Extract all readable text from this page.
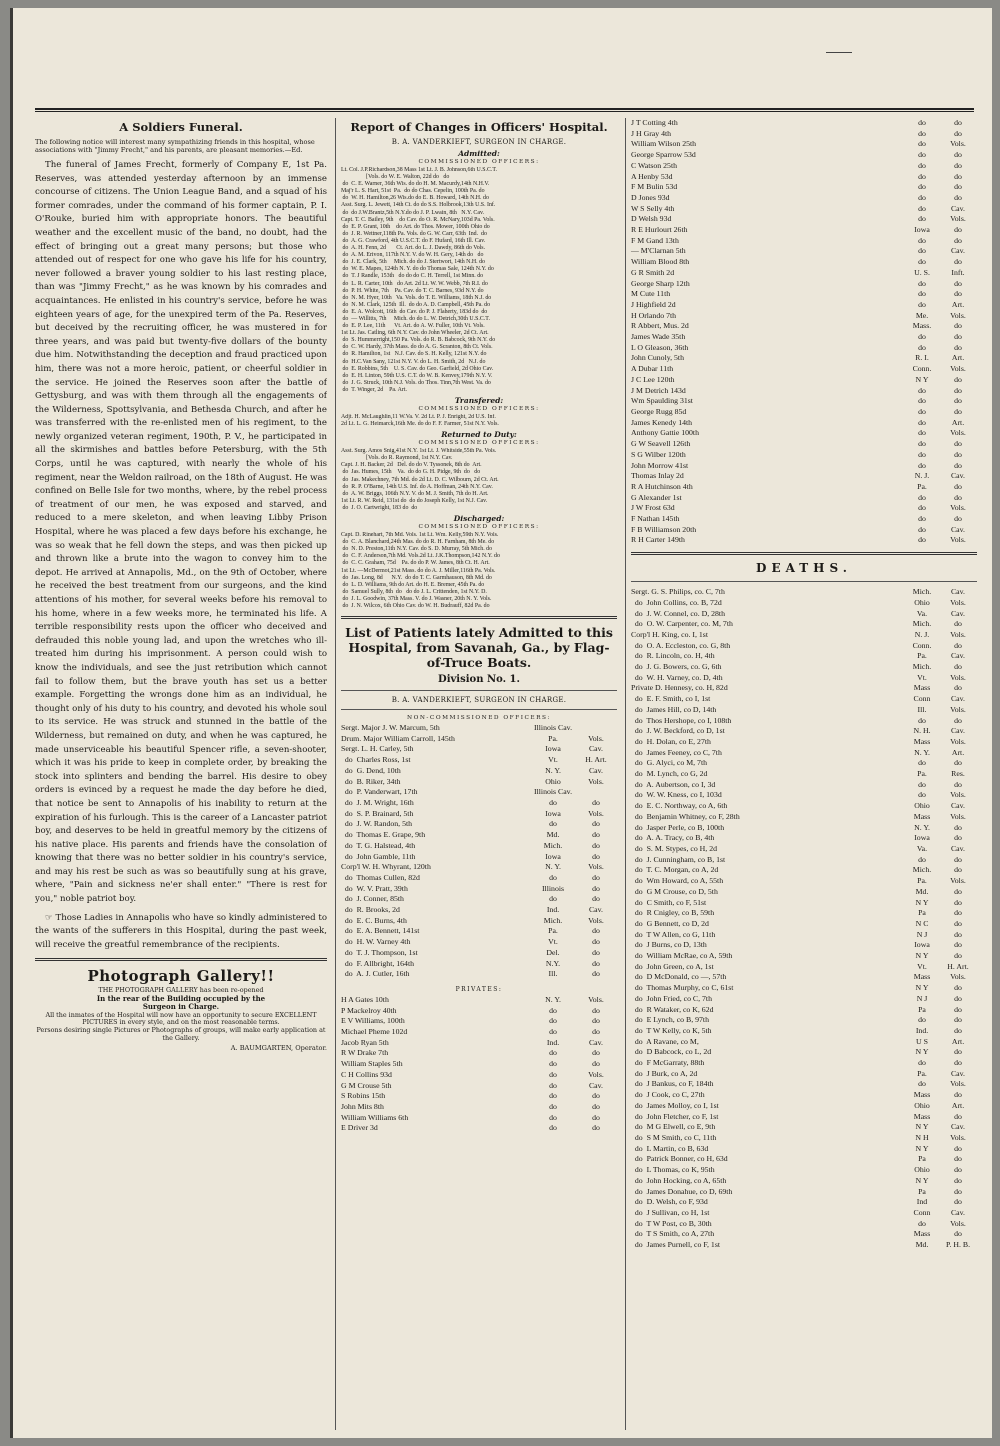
A Soldiers Funeral.
The following notice will interest many sympathizing friends in this hospital, whose associations with "Jimmy Frecht," and his parents, are pleasant memories.—Ed.
The funeral of James Frecht, formerly of Company E, 1st Pa. Reserves, was attended yesterday afternoon by an immense concourse of citizens. The Union League Band, and a squad of his former comrades, under the command of his former captain, P. I. O'Rouke, buried him with appropriate honors. The beautiful weather and the excellent music of the band, no doubt, had the effect of bringing out a great many persons; but those who attended out of respect for one who gave his life for his country, never followed a braver young soldier to his last resting place, than was "Jimmy Frecht," as he was known by his comrades and acquaintances. He enlisted in his country's service, before he was eighteen years of age, for the unexpired term of the Pa. Reserves, but deceived by the recruiting officer, he was mustered in for three years, and was paid but twenty-five dollars of the bounty due him. Notwithstanding the deception and fraud practiced upon him, there was not a more heroic, patient, or cheerful soldier in the service. He joined the Reserves soon after the battle of Gettysburg, and was with them through all the engagements of the Wilderness, Spottsylvania, and Bethesda Church, and after he was transferred with the re-enlisted men of his regiment, to the newly organized veteran regiment, 190th, P. V., he participated in all the skirmishes and battles before Petersburg, with the 5th Corps, until he was captured, with nearly the whole of his regiment, near the Weldon railroad, on the 18th of August. He was confined on Belle Isle for two months, where, by the rebel process of treatment of our men, he was exposed and starved, and reduced to a mere skeleton, and when leaving Libby Prison Hospital, where he was placed a few days before his exchange, he was so weak that he fell down the steps, and was then picked up and thrown like a brute into the wagon to convey him to the depot. He arrived at Annapolis, Md., on the 9th of October, where he received the best treatment from our surgeons, and the kind attentions of his mother, for several weeks before his removal to his home, where in a few weeks more, he terminated his life. A terrible responsibility rests upon the officer who deceived and defrauded this noble young lad, and upon the wretches who ill-treated him during his imprisonment. A person could wish to know the individuals, and see the just retribution which cannot fail to follow them, but the brave youth has set us a better example. Forgetting the wrongs done him as an individual, he thought only of his duty to his country, and devoted his whole soul to its service. He was struck and stunned in the battle of the Wilderness, but remained on duty, and when he was captured, he made unserviceable his beautiful Spencer rifle, a seven-shooter, which it was his pride to keep in complete order, by breaking the stock into splinters and bending the barrel. His desire to obey orders is evinced by a request he made the day before he died, that notice be sent to Annapolis of his inability to return at the expiration of his furlough. This is the career of a Lancaster patriot boy, and deserves to be held in greatful memory by the citizens of his native place. His parents and friends have the consolation of knowing that there was no better soldier in his country's service, and may his rest be such as was so beautifully sung at his grave, where, "Pain and sickness ne'er shall enter." "There is rest for you," noble patriot boy.
☞ Those Ladies in Annapolis who have so kindly administered to the wants of the sufferers in this Hospital, during the past week, will receive the greatful remembrance of the recipients.
Photograph Gallery!!
THE PHOTOGRAPH GALLERY has been re-opened
In the rear of the Building occupied by the
Surgeon in Charge.
All the inmates of the Hospital will now have an opportunity to secure EXCELLENT PICTURES in every style, and on the most reasonable terms.
Persons desiring single Pictures or Photographs of groups, will make early application at the Gallery.
A. BAUMGARTEN, Operator.
Report of Changes in Officers' Hospital.
B. A. VANDERKIEFT, SURGEON IN CHARGE.
Admitted:
COMMISSIONED OFFICERS:
Lt. Col. J.P.Richardson,38 Mass 1st Lt. J. B. Johnson,6th U.S.C.T.
[Vols. do W. E. Walton, 22d do   do
do  C. E. Warner, 36th Wis. do do H. M. Macurdy,14th N.H.V.
Maj'r L. S. Hart, 51st  Pa.  do do Chas. Cepelin, 100th Pa. do
do  W. H. Hamilton,26 Wis.do do E. B. Howard, 14th N.H. do
Asst. Surg. L. Jewett, 14th Ct. do do S.S. Holbrook,13th U.S. Inf.
do  do J.W.Brantz,5th N.Y.do do J. P. Lwain, 8th   N.Y. Cav.
Capt. T. C. Bailey, 9th    do Cav. do O. R. McNary,103d Pa. Vols.
do  E. P. Grant, 10th    do Art. do Thos. Mower, 100th Ohio do
do  J. R. Wettner,118th Pa. Vols. do G. W. Carr, 63th  Ind.  do
do  A. G. Crawford, 4th U.S.C.T. do F. Hufard, 16th Ill. Cav.
do  A. H. Fenn, 2d       Ct. Art. do L. J. Dawdy, 86th do Vols.
do  A. M. Erivon, 117th N.Y. V. do W. H. Gery, 14th do   do
do  J. E. Clark, 5th     Mich. do do J. Stertwort, 14th N.H. do
do  W. E. Mapes, 124th N. Y. do do Thomas Sale, 124th N.Y. do
do  T. J Randle, 153th   do do do C. H. Terrell, 1st Minn. do
do  L. R. Carter, 10th   do Art. 2d Lt. W. W. Webb, 7th R.I. do
do  P. H. White, 7th    Pa. Cav. do T. C. Barnes, 93d N.Y. do
do  N. M. Hyer, 10th   Va. Vols. do T. E. Williams, 18th N.J. do
do  N. M. Clark, 125th  Ill.  do do A. D. Campbell, 45th Pa. do
do  E. A. Wolcott, 16th  do Cav. do P. J. Flaherty, 183d do  do
do  — Willitts, 7th     Mich. do do L. W. Detrich,30th U.S.C.T.
do  E. P. Lee, 11th      Vt. Art. do A. W. Fuller, 10th Vt. Vols.
1st Lt. Jas. Catling, 6th N.Y. Cav. do John Wheeler, 2d Ct. Art.
do  S. Hummerright,150 Pa. Vols. do R. B. Babcock, 9th N.Y. do
do  C. W. Hardy, 37th Mass. do do A. G. Scranton, 8th Ct. Vols.
do  R. Hamilton, 1st   N.J. Cav. do S. H. Kelly, 121st N.Y. do
do  H.C.Van Sany, 121st N.Y. V. do L. H. Smith, 2d   N.J. do
do  E. Robbins, 5th    U. S. Cav. do Geo. Garfield, 2d Ohio Cav.
do  E. H. Linton, 59th U.S. C.T. do W. B. Kenvey,179th N.Y. V.
do  J. G. Struck, 10th N.J. Vols. do Thos. Tinn,7th West. Va. do
do  T. Winger, 2d    Pa. Art.
Transfered:
COMMISSIONED OFFICERS:
Adjt. H. McLaughlin,11 W.Va. V. 2d Lt. P. J. Enright, 2d U.S. Inf.
2d Lt. L. G. Heimarck,16th Me. do do F. F. Farmer, 51st N.Y. Vols.
Returned to Duty:
COMMISSIONED OFFICERS:
Asst. Surg. Amos Snig,41st N.Y. 1st Lt. J. Whitside,55th Pa. Vols.
[Vols. do R. Raymond, 1st N.Y. Cav.
Capt. J. H. Backer, 2d   Del. do do V. Tyssonek, 8th do  Art.
do  Jas. Humes, 15th    Va.  do do G. H. Pidge, 9th  do   do
do  Jas. Makechney, 7th Md. do 2d Lt. D. C. Wilbourn, 2d Ct. Art.
do  R. P. O'Barne, 14th U.S. Inf. do A. Hoffman, 24th N.Y. Cav.
do  A. W. Briggs, 106th N.Y. V. do M. J. Smith, 7th do H. Art.
1st Lt. R. W. Reid, 131st do  do do Joseph Kelly, 1st N.J. Cav.
do  J. O. Cartwright, 183 do  do
Discharged:
COMMISSIONED OFFICERS:
Capt. D. Rinehart, 7th Md. Vols. 1st Lt. Wm. Kelly,59th N.Y. Vols.
do  C. A. Blanchard,24th Mas. do do R. H. Farnham, 8th Me. do
do  N. D. Preston,11th N.Y. Cav. do S. D. Murray, 5th Mich. do
do  C. F. Anderson,7th Md. Vols.2d Lt. J.K.Thompson,142 N.Y. do
do  C. C. Graham, 75d    Pa. do do P. W. James, 8th Ct. H. Art.
1st Lt. —McDermot,21st Mass. do do A. J. Miller,116th Pa. Vols.
do  Jas. Long, 8d      N.Y.  do do T. C. Garmhauson, 8th Md. do
do  L. D. Williams, 9th do Art. do H. E. Bremer, 45th Pa. do
do  Samuel Sully, 8th  do   do do J. L. Crittenden, 1st N.Y. D.
do  J. L. Goodwin, 37th Mass. V. do J. Wasner, 20th N. Y. Vols.
do  J. N. Wilcox, 6th Ohio Cav. do W. H. Budrauff, 82d Pa. do
List of Patients lately Admitted to this Hospital, from Savanah, Ga., by Flag-of-Truce Boats.
Division No. 1.
B. A. VANDERKIEFT, SURGEON IN CHARGE.
NON-COMMISSIONED OFFICERS:
Sergt. Major J. W. Marcum, 5th	Illinois Cav.	
Drum. Major William Carroll, 145th	Pa.	Vols.
Sergt. L. H. Carley, 5th	Iowa	Cav.
do  Charles Ross, 1st	Vt.	H. Art.
do  G. Dend, 10th	N. Y.	Cav.
do  B. Riker, 34th	Ohio	Vols.
do  P. Vanderwart, 17th	Illinois Cav.	
do  J. M. Wright, 16th	do	do
do  S. P. Brainard, 5th	Iowa	Vols.
do  J. W. Randon, 5th	do	do
do  Thomas E. Grape, 9th	Md.	do
do  T. G. Halstead, 4th	Mich.	do
do  John Gamble, 11th	Iowa	do
Corp'l W. H. Whyrant, 120th	N. Y.	Vols.
do  Thomas Cullen, 82d	do	do
do  W. V. Pratt, 39th	Illinois	do
do  J. Conner, 85th	do	do
do  R. Brooks, 2d	Ind.	Cav.
do  E. C. Burns, 4th	Mich.	Vols.
do  E. A. Bennett, 141st	Pa.	do
do  H. W. Varney 4th	Vt.	do
do  T. J. Thompson, 1st	Del.	do
do  F. Allbright, 164th	N.Y.	do
do  A. J. Cutler, 16th	Ill.	do
PRIVATES:
H A Gates 10th	N. Y.	Vols.
P Mackelroy 40th	do	do
E V Williams, 100th	do	do
Michael Pheme 102d	do	do
Jacob Ryan 5th	Ind.	Cav.
R W Drake 7th	do	do
William Staples 5th	do	do
C H Collins 93d	do	Vols.
G M Crouse 5th	do	Cav.
S Robins 15th	do	do
John Mits 8th	do	do
William Williams 6th	do	do
E Driver 3d	do	do
J T Cotting 4th	do	do
J H Gray 4th	do	do
William Wilson 25th	do	Vols.
George Sparrow 53d	do	do
C Watson 25th	do	do
A Henby 53d	do	do
F M Bulin 53d	do	do
D Jones 93d	do	do
W S Selly 4th	do	Cav.
D Welsh 93d	do	Vols.
R E Hurlourt 26th	Iowa	do
F M Gand 13th	do	do
— M'Clarnan 5th	do	Cav.
William Blood 8th	do	do
G R Smith 2d	U. S.	Inft.
George Sharp 12th	do	do
M Cute 11th	do	do
J Highfield 2d	do	Art.
H Orlando 7th	Me.	Vols.
R Abbert, Mus. 2d	Mass.	do
James Wade 35th	do	do
L O Gleason, 36th	do	do
John Cunoly, 5th	R. I.	Art.
A Dubar 11th	Conn.	Vols.
J C Lee 120th	N Y	do
J M Detrich 143d	do	do
Wm Spaulding 31st	do	do
George Rugg 85d	do	do
James Kenedy 14th	do	Art.
Anthony Gattie 100th	do	Vols.
G W Seavell 126th	do	do
S G Wilber 120th	do	do
John Morrow 41st	do	do
Thomas Inlay 2d	N. J.	Cav.
R A Hutchinson 4th	Pa.	do
G Alexander 1st	do	do
J W Frost 63d	do	Vols.
F Nathan 145th	do	do
F B Williamson 20th	do	Cav.
R H Carter 149th	do	Vols.
DEATHS.
Sergt. G. S. Philips, co. C, 7th	Mich.	Cav.
do  John Collins, co. B, 72d	Ohio	Vols.
do  J. W. Connel, co. D, 28th	Va.	Cav.
do  O. W. Carpenter, co. M, 7th	Mich.	do
Corp'l H. King, co. I, 1st	N. J.	Vols.
do  O. A. Eccleston, co. G, 8th	Conn.	do
do  R. Lincoln, co. H, 4th	Pa.	Cav.
do  J. G. Bowers, co. G, 6th	Mich.	do
do  W. H. Varney, co. D, 4th	Vt.	Vols.
Private D. Hennesy, co. H, 82d	Mass	do
do  E. F. Smith, co I, 1st	Conn	Cav.
do  James Hill, co D, 14th	Ill.	Vols.
do  Thos Hershope, co I, 108th	do	do
do  J. W. Beckford, co D, 1st	N. H.	Cav.
do  H. Dolan, co E, 27th	Mass	Vols.
do  James Feeney, co C, 7th	N. Y.	Art.
do  G. Alyci, co M, 7th	do	do
do  M. Lynch, co G, 2d	Pa.	Res.
do  A. Aubertson, co I, 3d	do	do
do  W. W. Kness, co I, 103d	do	Vols.
do  E. C. Northway, co A, 6th	Ohio	Cav.
do  Benjamin Whitney, co F, 28th	Mass	Vols.
do  Jasper Perle, co B, 100th	N. Y.	do
do  A. A. Tracy, co B, 4th	Iowa	do
do  S. M. Stypes, co H, 2d	Va.	Cav.
do  J. Cunningham, co B, 1st	do	do
do  T. C. Morgan, co A, 2d	Mich.	do
do  Wm Howard, co A, 55th	Pa.	Vols.
do  G M Crouse, co D, 5th	Md.	do
do  C Smith, co F, 51st	N Y	do
do  R Cnigley, co B, 59th	Pa	do
do  G Bennett, co D, 2d	N C	do
do  T W Allen, co G, 11th	N J	do
do  J Burns, co D, 13th	Iowa	do
do  William McRae, co A, 59th	N Y	do
do  John Green, co A, 1st	Vt.	H. Art.
do  D McDonald, co —, 57th	Mass	Vols.
do  Thomas Murphy, co C, 61st	N Y	do
do  John Fried, co C, 7th	N J	do
do  R Wataker, co K, 62d	Pa	do
do  E Lynch, co B, 97th	do	do
do  T W Kelly, co K, 5th	Ind.	do
do  A Ravane, co M,	U S	Art.
do  D Babcock, co L, 2d	N Y	do
do  F McGarraty, 88th	do	do
do  J Burk, co A, 2d	Pa.	Cav.
do  J Bankus, co F, 184th	do	Vols.
do  J Cook, co C, 27th	Mass	do
do  James Molloy, co I, 1st	Ohio	Art.
do  John Fletcher, co F, 1st	Mass	do
do  M G Elwell, co E, 9th	N Y	Cav.
do  S M Smith, co C, 11th	N H	Vols.
do  L Martin, co B, 63d	N Y	do
do  Patrick Bonner, co H, 63d	Pa	do
do  L Thomas, co K, 95th	Ohio	do
do  John Hocking, co A, 65th	N Y	do
do  James Donahue, co D, 69th	Pa	do
do  D. Welsh, co F, 93d	Ind	do
do  J Sullivan, co H, 1st	Conn	Cav.
do  T W Post, co B, 30th	do	Vols.
do  T S Smith, co A, 27th	Mass	do
do  James Purnell, co F, 1st	Md.	P. H. B.
